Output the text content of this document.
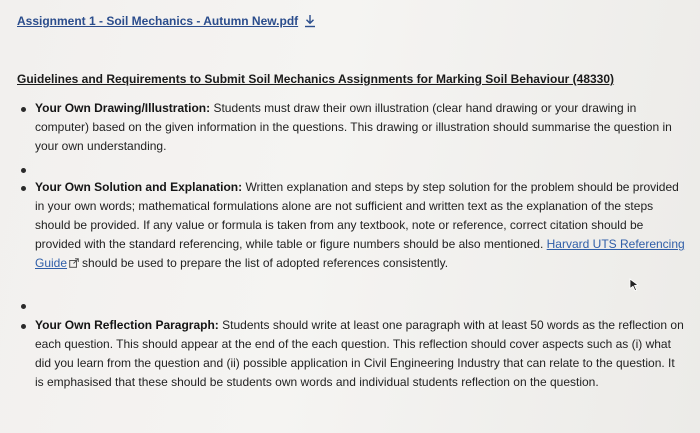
Assignment 1 - Soil Mechanics - Autumn New.pdf
Guidelines and Requirements to Submit Soil Mechanics Assignments for Marking Soil Behaviour (48330)
Your Own Drawing/Illustration: Students must draw their own illustration (clear hand drawing or your drawing in computer) based on the given information in the questions. This drawing or illustration should summarise the question in your own understanding.
Your Own Solution and Explanation: Written explanation and steps by step solution for the problem should be provided in your own words; mathematical formulations alone are not sufficient and written text as the explanation of the steps should be provided. If any value or formula is taken from any textbook, note or reference, correct citation should be provided with the standard referencing, while table or figure numbers should be also mentioned. Harvard UTS Referencing Guide should be used to prepare the list of adopted references consistently.
Your Own Reflection Paragraph: Students should write at least one paragraph with at least 50 words as the reflection on each question. This should appear at the end of the each question. This reflection should cover aspects such as (i) what did you learn from the question and (ii) possible application in Civil Engineering Industry that can relate to the question. It is emphasised that these should be students own words and individual students reflection on the question.
